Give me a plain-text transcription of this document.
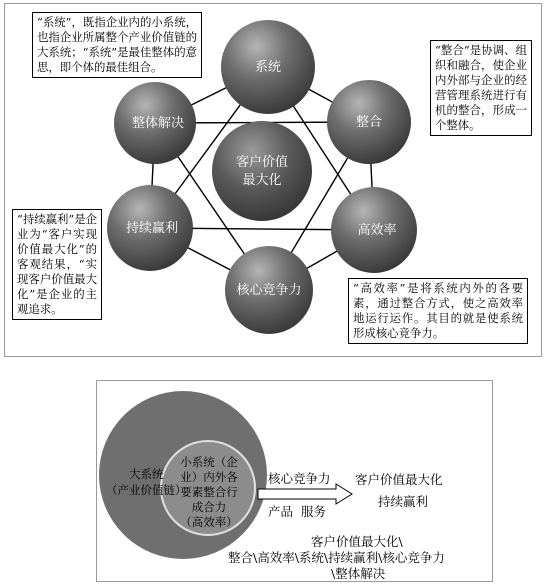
客户价值
最大化
系统
整合
高效率
核心竞争力
持续赢利
整体解决
“系统”，既指企业内的小系统，也指企业所属整个产业价值链的大系统；“系统”是最佳整体的意思，即个体的最佳组合。
“整合”是协调、组织和融合，使企业内外部与企业的经营管理系统进行有机的整合，形成一个整体。
“持续赢利”是企业为“客户实现价值最大化”的客观结果，“实现客户价值最大化”是企业的主观追求。
“高效率”是将系统内外的各要素，通过整合方式，使之高效率地运行运作。其目的就是使系统形成核心竞争力。
大系统
（产业价值链）
小系统（企
业）内外各
要素整合行
成合力
（高效率）
核心竞争力
产品  服务
客户价值最大化
持续赢利
客户价值最大化\
整合\高效率\系统\持续赢利\核心竞争力
\整体解决
